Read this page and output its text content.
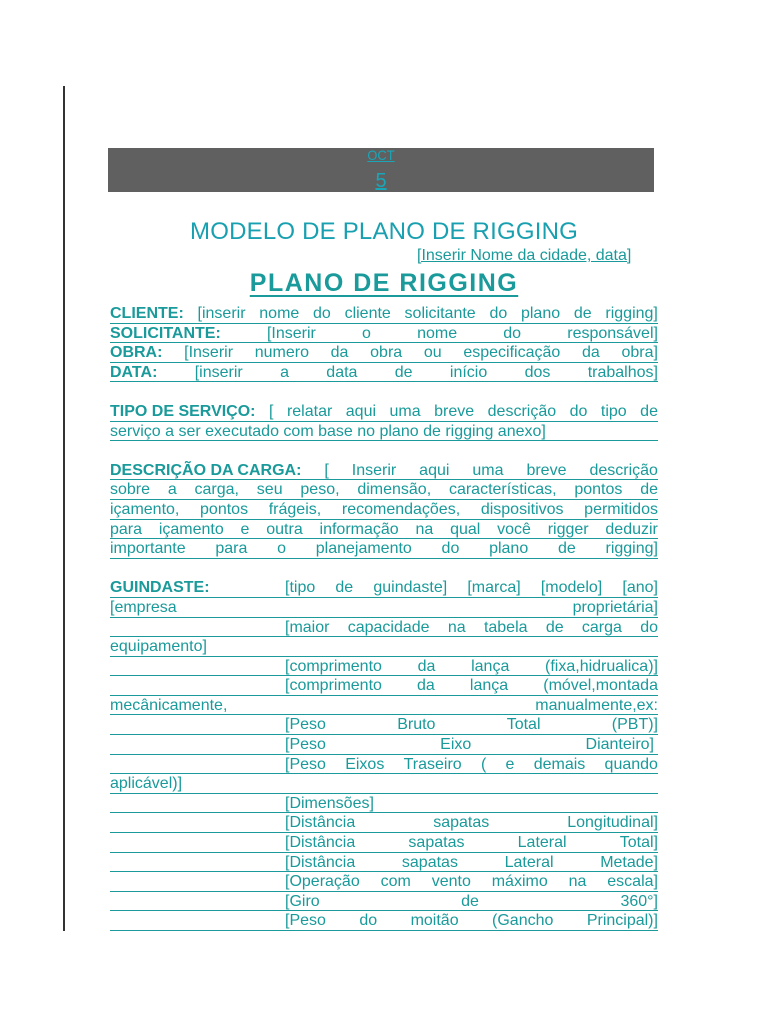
OCT
5
MODELO DE PLANO DE RIGGING
[Inserir Nome da cidade, data]
PLANO DE RIGGING
CLIENTE: [inserir nome do cliente solicitante do plano de rigging]
SOLICITANTE:	[Inserir	o	nome	do	responsável]
OBRA: [Inserir numero da obra ou especificação da obra]
DATA: [inserir a data de início dos trabalhos]
TIPO DE SERVIÇO: [ relatar aqui uma breve descrição do tipo de
serviço a ser executado com base no plano de rigging anexo]
DESCRIÇÃO DA CARGA: [ Inserir aqui uma breve descrição
sobre a carga, seu peso, dimensão, características, pontos de
içamento, pontos frágeis, recomendações, dispositivos permitidos
para içamento e outra informação na qual você rigger deduzir
importante para o planejamento do plano de rigging]
GUINDASTE:	[tipo de guindaste] [marca] [modelo] [ano]
[empresa	proprietária]
[maior capacidade na tabela de carga do
equipamento]
[comprimento da lança (fixa,hidrualica)]
[comprimento da lança (móvel,montada
mecânicamente,	manualmente,ex:
[Peso	Bruto	Total	(PBT)]
[Peso	Eixo	Dianteiro]
[Peso Eixos Traseiro ( e demais quando
aplicável)]
[Dimensões]
[Distância	sapatas	Longitudinal]
[Distância	sapatas	Lateral	Total]
[Distância	sapatas	Lateral	Metade]
[Operação com vento máximo na escala]
[Giro	de	360°]
[Peso do moitão (Gancho Principal)]
